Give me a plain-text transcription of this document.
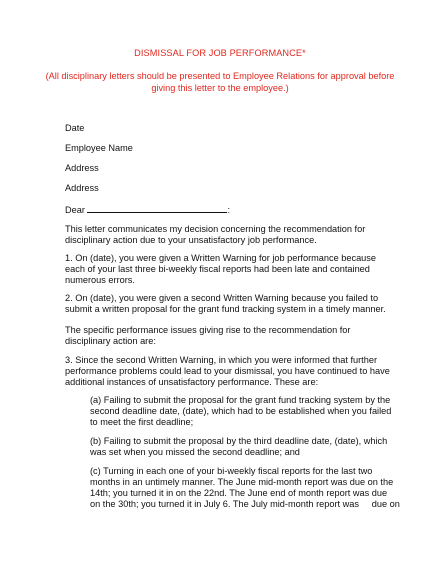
DISMISSAL FOR JOB PERFORMANCE*
(All disciplinary letters should be presented to Employee Relations for approval before giving this letter to the employee.)
Date
Employee Name
Address
Address
Dear	:
This letter communicates my decision concerning the recommendation for
disciplinary action due to your unsatisfactory job performance.
1. On (date), you were given a Written Warning for job performance because
each of your last three bi-weekly fiscal reports had been late and contained
numerous errors.
2. On (date), you were given a second Written Warning because you failed to
submit a written proposal for the grant fund tracking system in a timely manner.
The specific performance issues giving rise to the recommendation for
disciplinary action are:
3. Since the second Written Warning, in which you were informed that further
performance problems could lead to your dismissal, you have continued to have
additional instances of unsatisfactory performance. These are:
(a) Failing to submit the proposal for the grant fund tracking system by the
second deadline date, (date), which had to be established when you failed
to meet the first deadline;
(b) Failing to submit the proposal by the third deadline date, (date), which
was set when you missed the second deadline; and
(c) Turning in each one of your bi-weekly fiscal reports for the last two
months in an untimely manner. The June mid-month report was due on the
14th; you turned it in on the 22nd. The June end of month report was due
on the 30th; you turned it in July 6. The July mid-month report was     due on
